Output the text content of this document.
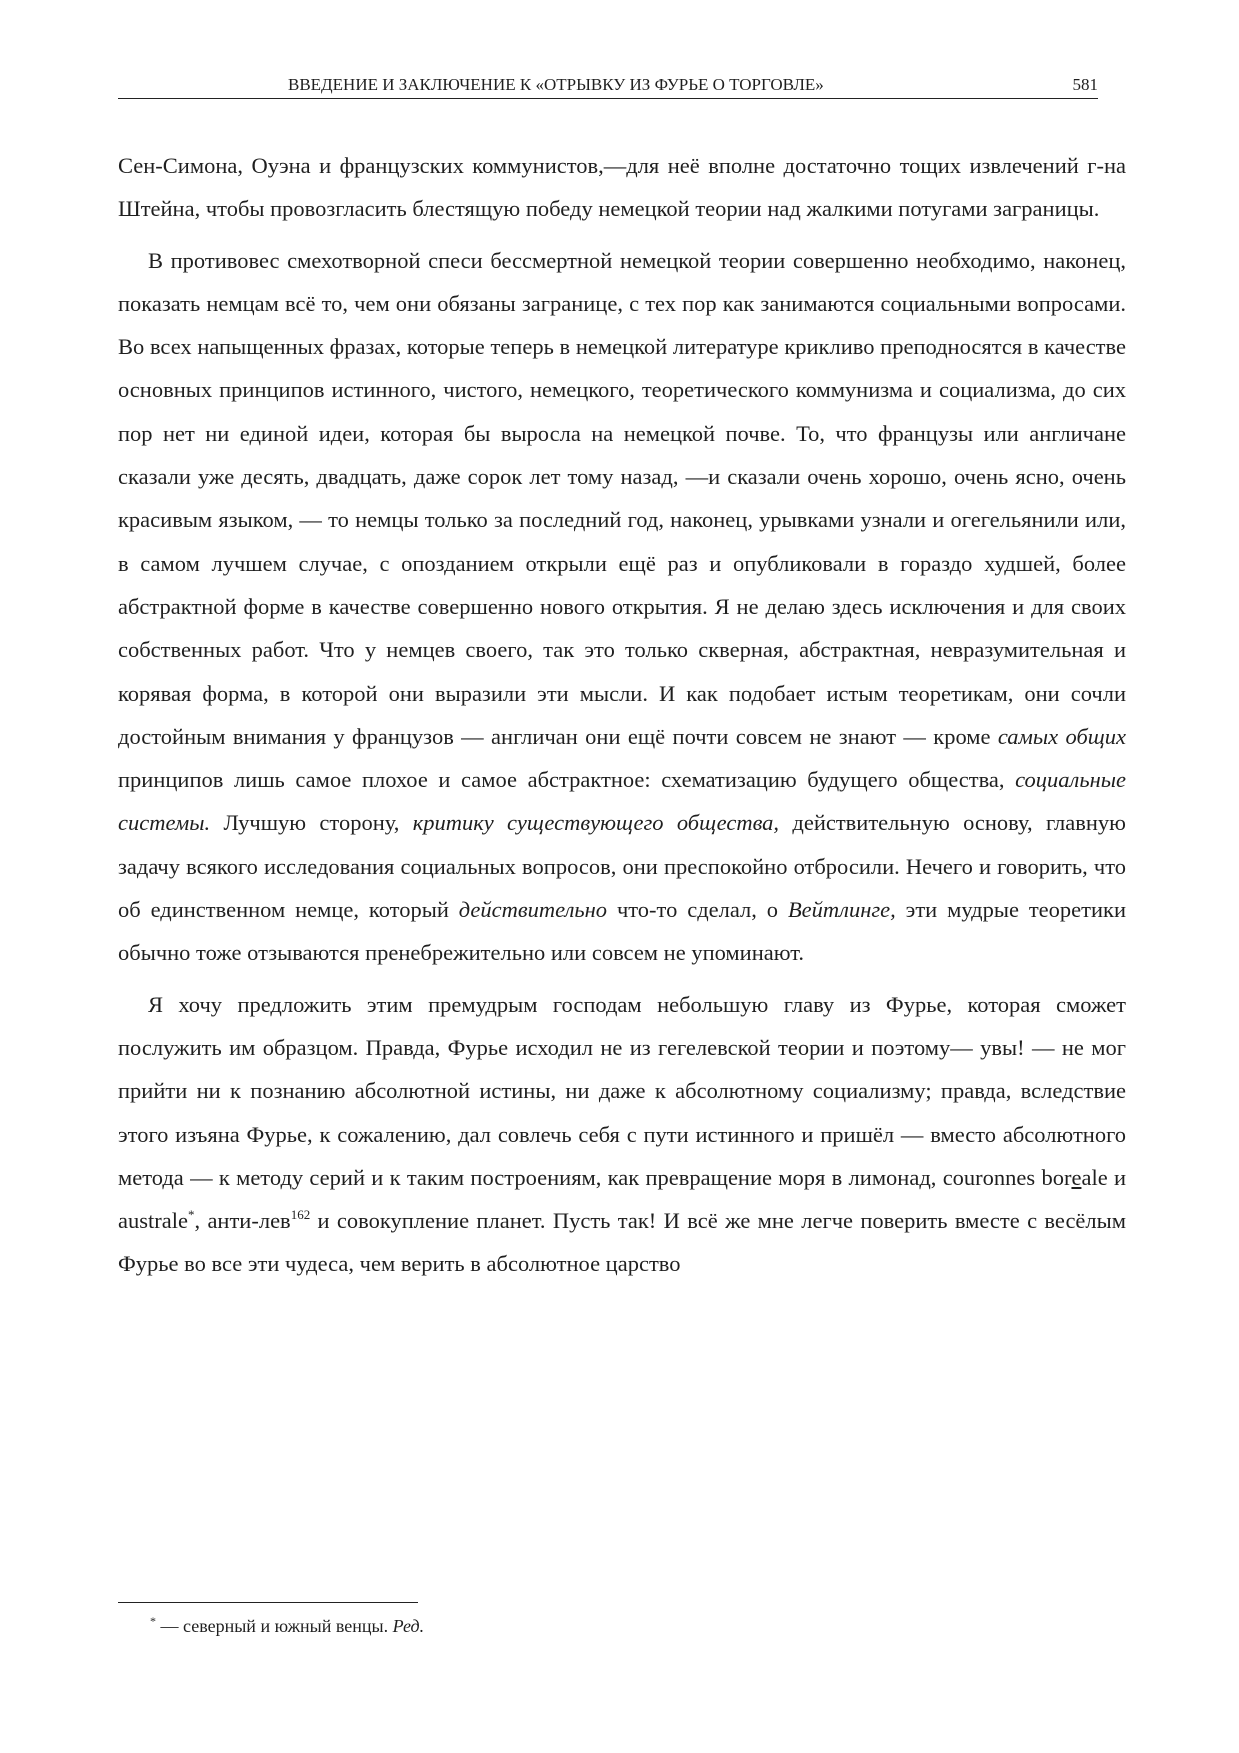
ВВЕДЕНИЕ И ЗАКЛЮЧЕНИЕ К «ОТРЫВКУ ИЗ ФУРЬЕ О ТОРГОВЛЕ»	581

Сен-Симона, Оуэна и французских коммунистов,—для неё вполне достаточно тощих извлечений г-на Штейна, чтобы провозгласить блестящую победу немецкой теории над жалкими потугами заграницы.

В противовес смехотворной спеси бессмертной немецкой теории совершенно необходимо, наконец, показать немцам всё то, чем они обязаны загранице, с тех пор как занимаются социальными вопросами. Во всех напыщенных фразах, которые теперь в немецкой литературе крикливо преподносятся в качестве основных принципов истинного, чистого, немецкого, теоретического коммунизма и социализма, до сих пор нет ни единой идеи, которая бы выросла на немецкой почве. То, что французы или англичане сказали уже десять, двадцать, даже сорок лет тому назад, —и сказали очень хорошо, очень ясно, очень красивым языком, — то немцы только за последний год, наконец, урывками узнали и огегельянили или, в самом лучшем случае, с опозданием открыли ещё раз и опубликовали в гораздо худшей, более абстрактной форме в качестве совершенно нового открытия. Я не делаю здесь исключения и для своих собственных работ. Что у немцев своего, так это только скверная, абстрактная, невразумительная и корявая форма, в которой они выразили эти мысли. И как подобает истым теоретикам, они сочли достойным внимания у французов — англичан они ещё почти совсем не знают — кроме самых общих принципов лишь самое плохое и самое абстрактное: схематизацию будущего общества, социальные системы. Лучшую сторону, критику существующего общества, действительную основу, главную задачу всякого исследования социальных вопросов, они преспокойно отбросили. Нечего и говорить, что об единственном немце, который действительно что-то сделал, о Вейтлинге, эти мудрые теоретики обычно тоже отзываются пренебрежительно или совсем не упоминают.

Я хочу предложить этим премудрым господам небольшую главу из Фурье, которая сможет послужить им образцом. Правда, Фурье исходил не из гегелевской теории и поэтому— увы! — не мог прийти ни к познанию абсолютной истины, ни даже к абсолютному социализму; правда, вследствие этого изъяна Фурье, к сожалению, дал совлечь себя с пути истинного и пришёл — вместо абсолютного метода — к методу серий и к таким построениям, как превращение моря в лимонад, couronnes boreale и australe*, анти-лев$^{162}$ и совокупление планет. Пусть так! И всё же мне легче поверить вместе с весёлым Фурье во все эти чудеса, чем верить в абсолютное царство

* — северный и южный венцы. Ред.
